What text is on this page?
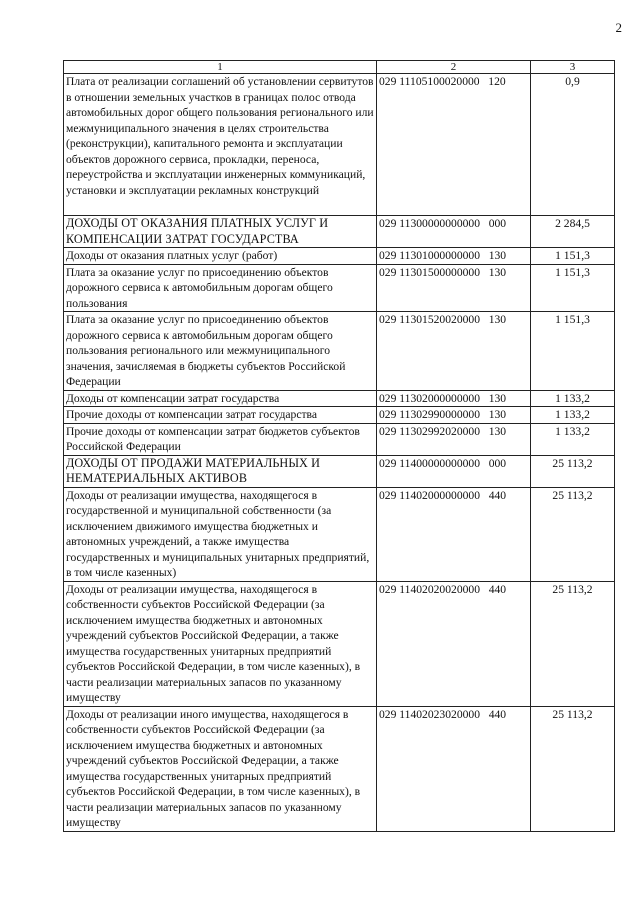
2
1	2	3
Плата от реализации соглашений об установлении сервитутов в отношении земельных участков в границах полос отвода автомобильных дорог общего пользования регионального или межмуниципального значения в целях строительства (реконструкции), капитального ремонта и эксплуатации объектов дорожного сервиса, прокладки, переноса, переустройства и эксплуатации инженерных коммуникаций, установки и эксплуатации рекламных конструкций	029 11105100020000   120	0,9
ДОХОДЫ ОТ ОКАЗАНИЯ ПЛАТНЫХ УСЛУГ И КОМПЕНСАЦИИ ЗАТРАТ ГОСУДАРСТВА	029 11300000000000   000	2 284,5
Доходы от оказания платных услуг (работ)	029 11301000000000   130	1 151,3
Плата за оказание услуг по присоединению объектов дорожного сервиса к автомобильным дорогам общего пользования	029 11301500000000   130	1 151,3
Плата за оказание услуг по присоединению объектов дорожного сервиса к автомобильным дорогам общего пользования регионального или межмуниципального значения, зачисляемая в бюджеты субъектов Российской Федерации	029 11301520020000   130	1 151,3
Доходы от компенсации затрат государства	029 11302000000000   130	1 133,2
Прочие доходы от компенсации затрат государства	029 11302990000000   130	1 133,2
Прочие доходы от компенсации затрат бюджетов субъектов Российской Федерации	029 11302992020000   130	1 133,2
ДОХОДЫ ОТ ПРОДАЖИ МАТЕРИАЛЬНЫХ И НЕМАТЕРИАЛЬНЫХ АКТИВОВ	029 11400000000000   000	25 113,2
Доходы от реализации имущества, находящегося в государственной и муниципальной собственности (за исключением движимого имущества бюджетных и автономных учреждений, а также имущества государственных и муниципальных унитарных предприятий, в том числе казенных)	029 11402000000000   440	25 113,2
Доходы от реализации имущества, находящегося в собственности субъектов Российской Федерации (за исключением имущества бюджетных и автономных учреждений субъектов Российской Федерации, а также имущества государственных унитарных предприятий субъектов Российской Федерации, в том числе казенных), в части реализации материальных запасов по указанному имуществу	029 11402020020000   440	25 113,2
Доходы от реализации иного имущества, находящегося в собственности субъектов Российской Федерации (за исключением имущества бюджетных и автономных учреждений субъектов Российской Федерации, а также имущества государственных унитарных предприятий субъектов Российской Федерации, в том числе казенных), в части реализации материальных запасов по указанному имуществу	029 11402023020000   440	25 113,2
